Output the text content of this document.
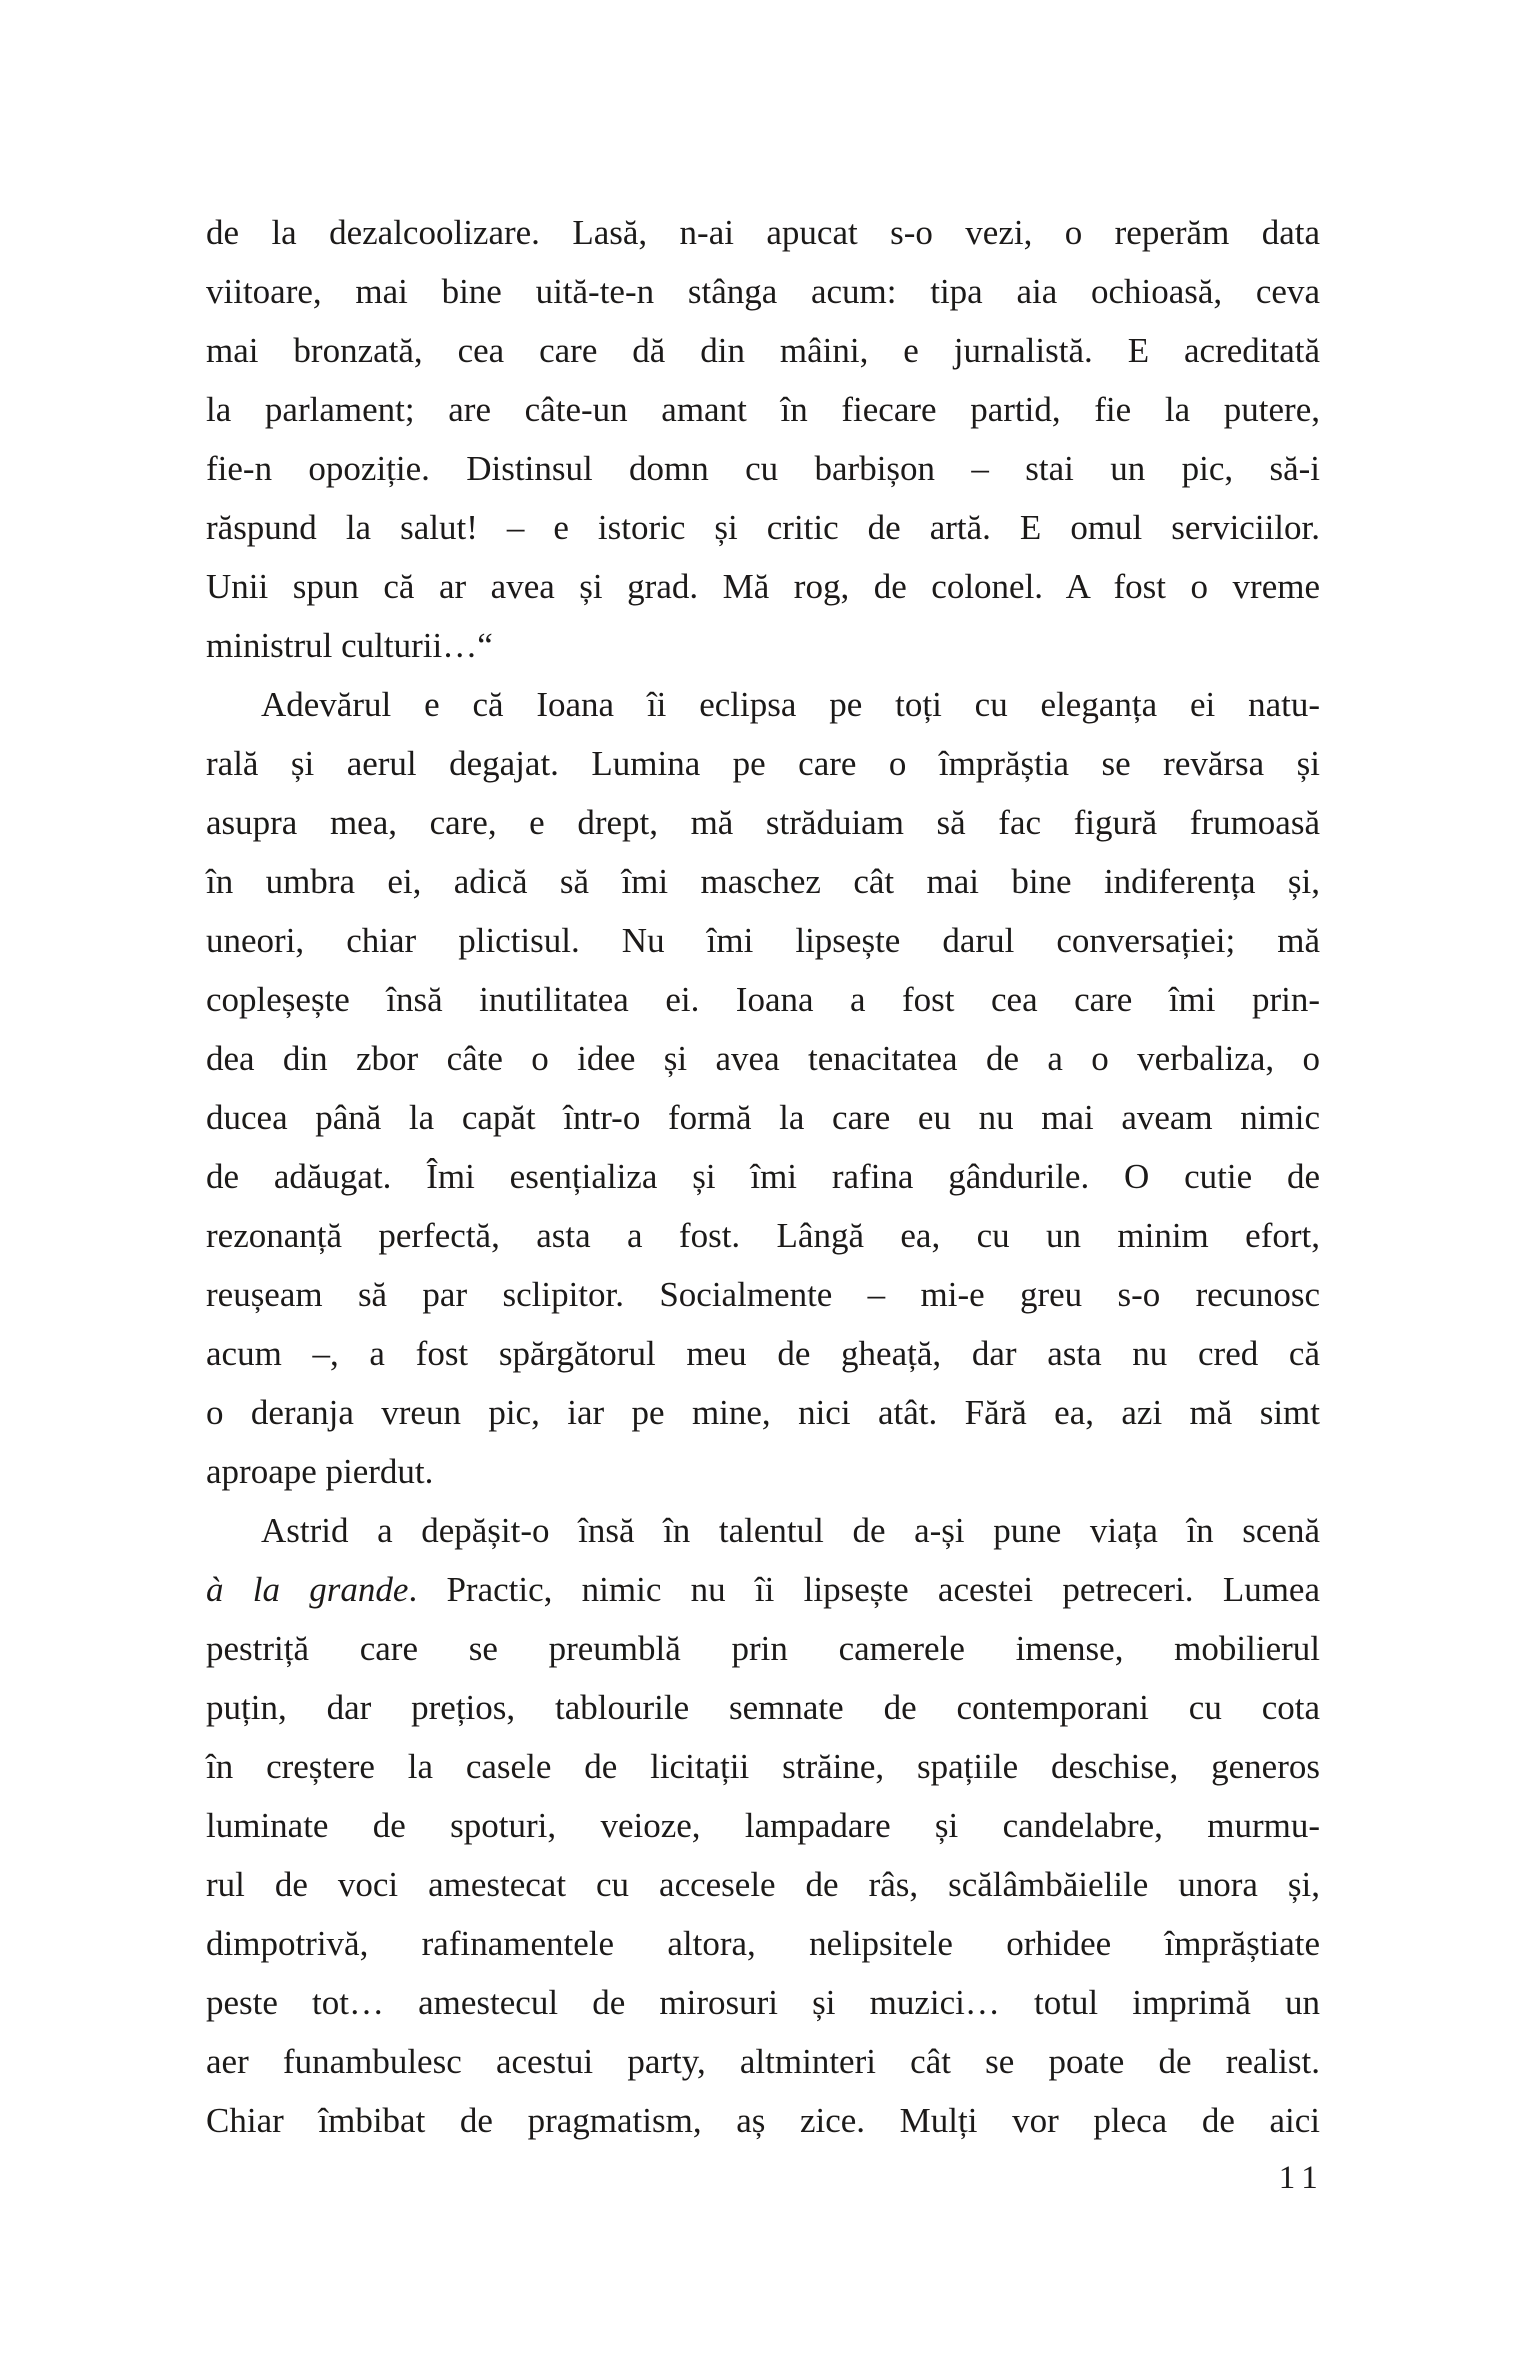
de la dezalcoolizare. Lasă, n-ai apucat s-o vezi, o reperăm data
viitoare, mai bine uită-te-n stânga acum: tipa aia ochioasă, ceva
mai bronzată, cea care dă din mâini, e jurnalistă. E acreditată
la parlament; are câte-un amant în fiecare partid, fie la putere,
fie-n opoziție. Distinsul domn cu barbișon – stai un pic, să-i
răspund la salut! – e istoric și critic de artă. E omul serviciilor.
Unii spun că ar avea și grad. Mă rog, de colonel. A fost o vreme
ministrul culturii…“
Adevărul e că Ioana îi eclipsa pe toți cu eleganța ei natu-
rală și aerul degajat. Lumina pe care o împrăștia se revărsa și
asupra mea, care, e drept, mă străduiam să fac figură frumoasă
în umbra ei, adică să îmi maschez cât mai bine indiferența și,
uneori, chiar plictisul. Nu îmi lipsește darul conversației; mă
copleșește însă inutilitatea ei. Ioana a fost cea care îmi prin-
dea din zbor câte o idee și avea tenacitatea de a o verbaliza, o
ducea până la capăt într-o formă la care eu nu mai aveam nimic
de adăugat. Îmi esențializa și îmi rafina gândurile. O cutie de
rezonanță perfectă, asta a fost. Lângă ea, cu un minim efort,
reușeam să par sclipitor. Socialmente – mi-e greu s-o recunosc
acum –, a fost spărgătorul meu de gheață, dar asta nu cred că
o deranja vreun pic, iar pe mine, nici atât. Fără ea, azi mă simt
aproape pierdut.
Astrid a depășit-o însă în talentul de a-și pune viața în scenă
à la grande. Practic, nimic nu îi lipsește acestei petreceri. Lumea
pestriță care se preumblă prin camerele imense, mobilierul
puțin, dar prețios, tablourile semnate de contemporani cu cota
în creștere la casele de licitații străine, spațiile deschise, generos
luminate de spoturi, veioze, lampadare și candelabre, murmu-
rul de voci amestecat cu accesele de râs, scălâmbăielile unora și,
dimpotrivă, rafinamentele altora, nelipsitele orhidee împrăștiate
peste tot… amestecul de mirosuri și muzici… totul imprimă un
aer funambulesc acestui party, altminteri cât se poate de realist.
Chiar îmbibat de pragmatism, aș zice. Mulți vor pleca de aici
11
